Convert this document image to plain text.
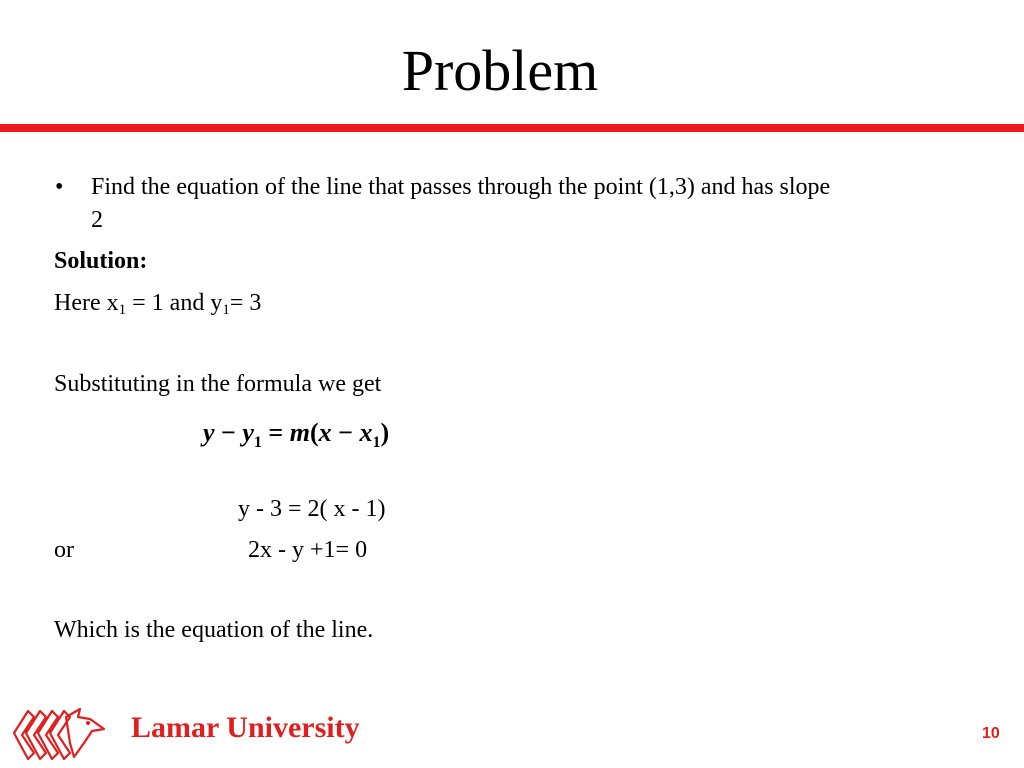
Problem
• Find the equation of the line that passes through the point (1,3) and has slope
2
Solution:
Here $x_1 = 1$ and $y_1= 3$
Substituting in the formula we get
$y - y_1 = m(x - x_1)$
y - 3 = 2( x - 1)
or	2x - y +1= 0
Which is the equation of the line.
Lamar University	10
